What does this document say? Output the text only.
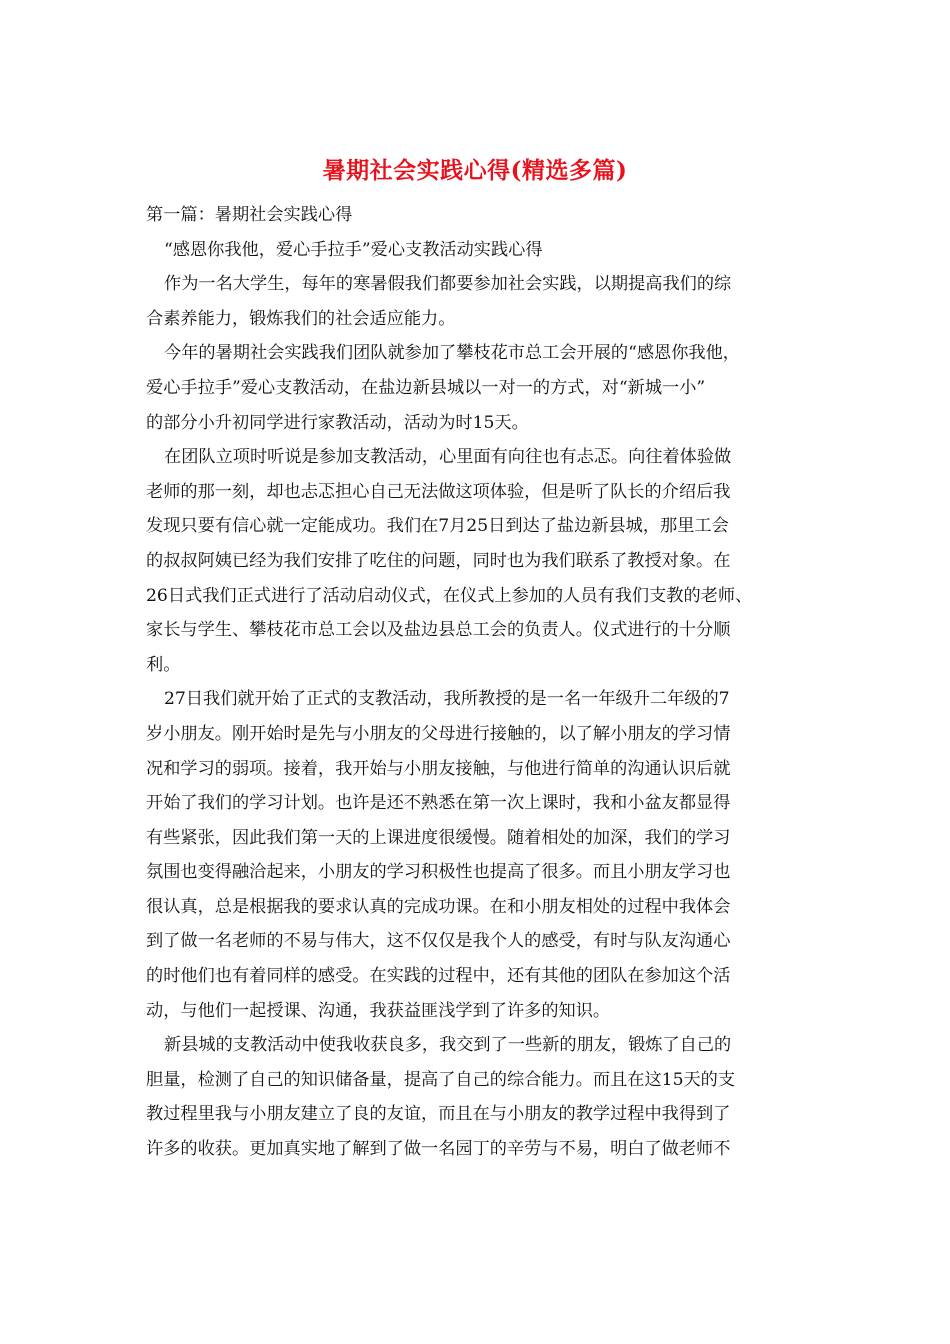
暑期社会实践心得(精选多篇)
第一篇：暑期社会实践心得
“感恩你我他，爱心手拉手”爱心支教活动实践心得
作为一名大学生，每年的寒暑假我们都要参加社会实践，以期提高我们的综
合素养能力，锻炼我们的社会适应能力。
今年的暑期社会实践我们团队就参加了攀枝花市总工会开展的“感恩你我他，
爱心手拉手”爱心支教活动，在盐边新县城以一对一的方式，对“新城一小”
的部分小升初同学进行家教活动，活动为时15天。
在团队立项时听说是参加支教活动，心里面有向往也有忐忑。向往着体验做
老师的那一刻，却也忐忑担心自己无法做这项体验，但是听了队长的介绍后我
发现只要有信心就一定能成功。我们在7月25日到达了盐边新县城，那里工会
的叔叔阿姨已经为我们安排了吃住的问题，同时也为我们联系了教授对象。在
26日式我们正式进行了活动启动仪式，在仪式上参加的人员有我们支教的老师、
家长与学生、攀枝花市总工会以及盐边县总工会的负责人。仪式进行的十分顺
利。
27日我们就开始了正式的支教活动，我所教授的是一名一年级升二年级的7
岁小朋友。刚开始时是先与小朋友的父母进行接触的，以了解小朋友的学习情
况和学习的弱项。接着，我开始与小朋友接触，与他进行简单的沟通认识后就
开始了我们的学习计划。也许是还不熟悉在第一次上课时，我和小盆友都显得
有些紧张，因此我们第一天的上课进度很缓慢。随着相处的加深，我们的学习
氛围也变得融洽起来，小朋友的学习积极性也提高了很多。而且小朋友学习也
很认真，总是根据我的要求认真的完成功课。在和小朋友相处的过程中我体会
到了做一名老师的不易与伟大，这不仅仅是我个人的感受，有时与队友沟通心
的时他们也有着同样的感受。在实践的过程中，还有其他的团队在参加这个活
动，与他们一起授课、沟通，我获益匪浅学到了许多的知识。
新县城的支教活动中使我收获良多，我交到了一些新的朋友，锻炼了自己的
胆量，检测了自己的知识储备量，提高了自己的综合能力。而且在这15天的支
教过程里我与小朋友建立了良的友谊，而且在与小朋友的教学过程中我得到了
许多的收获。更加真实地了解到了做一名园丁的辛劳与不易，明白了做老师不
